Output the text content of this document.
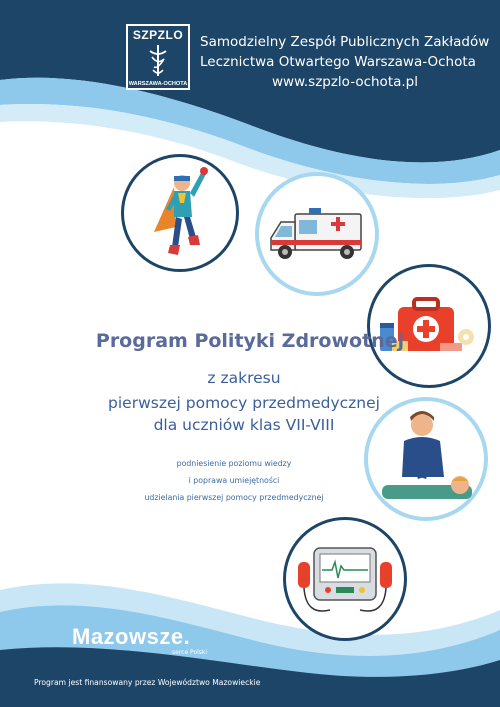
SZPZLO
WARSZAWA-OCHOTA
Samodzielny Zespół Publicznych Zakładów
Lecznictwa Otwartego Warszawa-Ochota
www.szpzlo-ochota.pl
Program Polityki Zdrowotnej
z zakresu
pierwszej pomocy przedmedycznej
dla uczniów klas VII-VIII
podniesienie poziomu wiedzy
i poprawa umiejętności
udzielania pierwszej pomocy przedmedycznej
Mazowsze.
serce Polski
Program jest finansowany przez Województwo Mazowieckie
